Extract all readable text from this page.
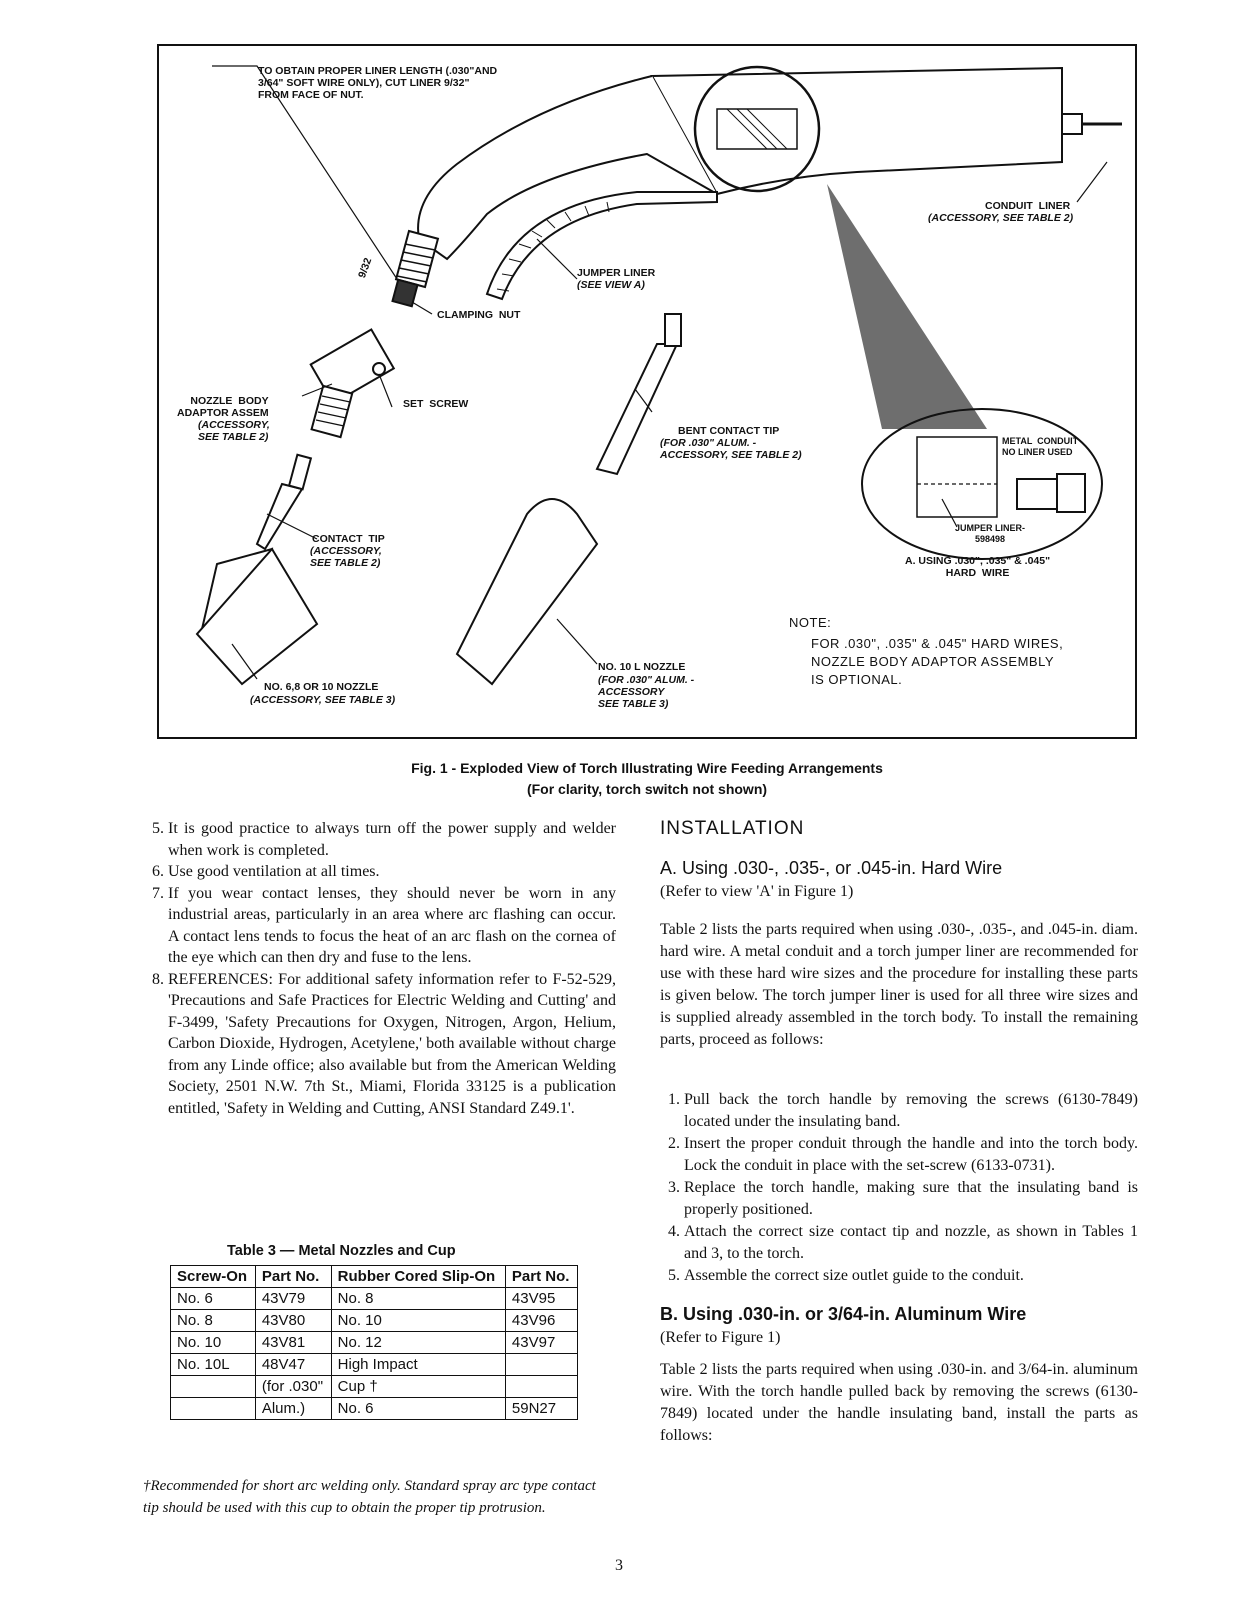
TO OBTAIN PROPER LINER LENGTH (.030"AND
3/64" SOFT WIRE ONLY), CUT LINER 9/32"
FROM FACE OF NUT.
CONDUIT  LINER
(ACCESSORY, SEE TABLE 2)
JUMPER LINER
(SEE VIEW A)
CLAMPING  NUT
9/32
NOZZLE  BODY
ADAPTOR ASSEM
(ACCESSORY,
SEE TABLE 2)
SET  SCREW
BENT CONTACT TIP
(FOR .030" ALUM. -
ACCESSORY, SEE TABLE 2)
CONTACT  TIP
(ACCESSORY,
SEE TABLE 2)
NO. 6,8 OR 10 NOZZLE
(ACCESSORY, SEE TABLE 3)
NO. 10 L NOZZLE
(FOR .030" ALUM. -
ACCESSORY
SEE TABLE 3)
METAL  CONDUIT
NO LINER USED
JUMPER LINER-
598498
A. USING .030", .035" & .045"
HARD  WIRE
NOTE:
FOR .030", .035" & .045" HARD WIRES,
NOZZLE BODY ADAPTOR ASSEMBLY
IS OPTIONAL.
Fig. 1 - Exploded View of Torch Illustrating Wire Feeding Arrangements
(For clarity, torch switch not shown)
5. It is good practice to always turn off the power supply and welder when work is completed.
6. Use good ventilation at all times.
7. If you wear contact lenses, they should never be worn in any industrial areas, particularly in an area where arc flashing can occur. A contact lens tends to focus the heat of an arc flash on the cornea of the eye which can then dry and fuse to the lens.
8. REFERENCES: For additional safety information refer to F-52-529, 'Precautions and Safe Practices for Electric Welding and Cutting' and F-3499, 'Safety Precautions for Oxygen, Nitrogen, Argon, Helium, Carbon Dioxide, Hydrogen, Acetylene,' both available without charge from any Linde office; also available but from the American Welding Society, 2501 N.W. 7th St., Miami, Florida 33125 is a publication entitled, 'Safety in Welding and Cutting, ANSI Standard Z49.1'.
Table 3 — Metal Nozzles and Cup
Screw-On	Part No.	Rubber Cored Slip-On	Part No.
No. 6	43V79	No. 8	43V95
No. 8	43V80	No. 10	43V96
No. 10	43V81	No. 12	43V97
No. 10L	48V47	High Impact	
	(for .030"	Cup †	
	Alum.)	No. 6	59N27
†Recommended for short arc welding only. Standard spray arc type contact tip should be used with this cup to obtain the proper tip protrusion.
3
INSTALLATION
A. Using .030-, .035-, or .045-in. Hard Wire
(Refer to view 'A' in Figure 1)

Table 2 lists the parts required when using .030-, .035-, and .045-in. diam. hard wire. A metal conduit and a torch jumper liner are recommended for use with these hard wire sizes and the procedure for installing these parts is given below. The torch jumper liner is used for all three wire sizes and is supplied already assembled in the torch body. To install the remaining parts, proceed as follows:

1. Pull back the torch handle by removing the screws (6130-7849) located under the insulating band.
2. Insert the proper conduit through the handle and into the torch body. Lock the conduit in place with the set-screw (6133-0731).
3. Replace the torch handle, making sure that the insulating band is properly positioned.
4. Attach the correct size contact tip and nozzle, as shown in Tables 1 and 3, to the torch.
5. Assemble the correct size outlet guide to the conduit.
B. Using .030-in. or 3/64-in. Aluminum Wire
(Refer to Figure 1)

Table 2 lists the parts required when using .030-in. and 3/64-in. aluminum wire. With the torch handle pulled back by removing the screws (6130-7849) located under the handle insulating band, install the parts as follows:
